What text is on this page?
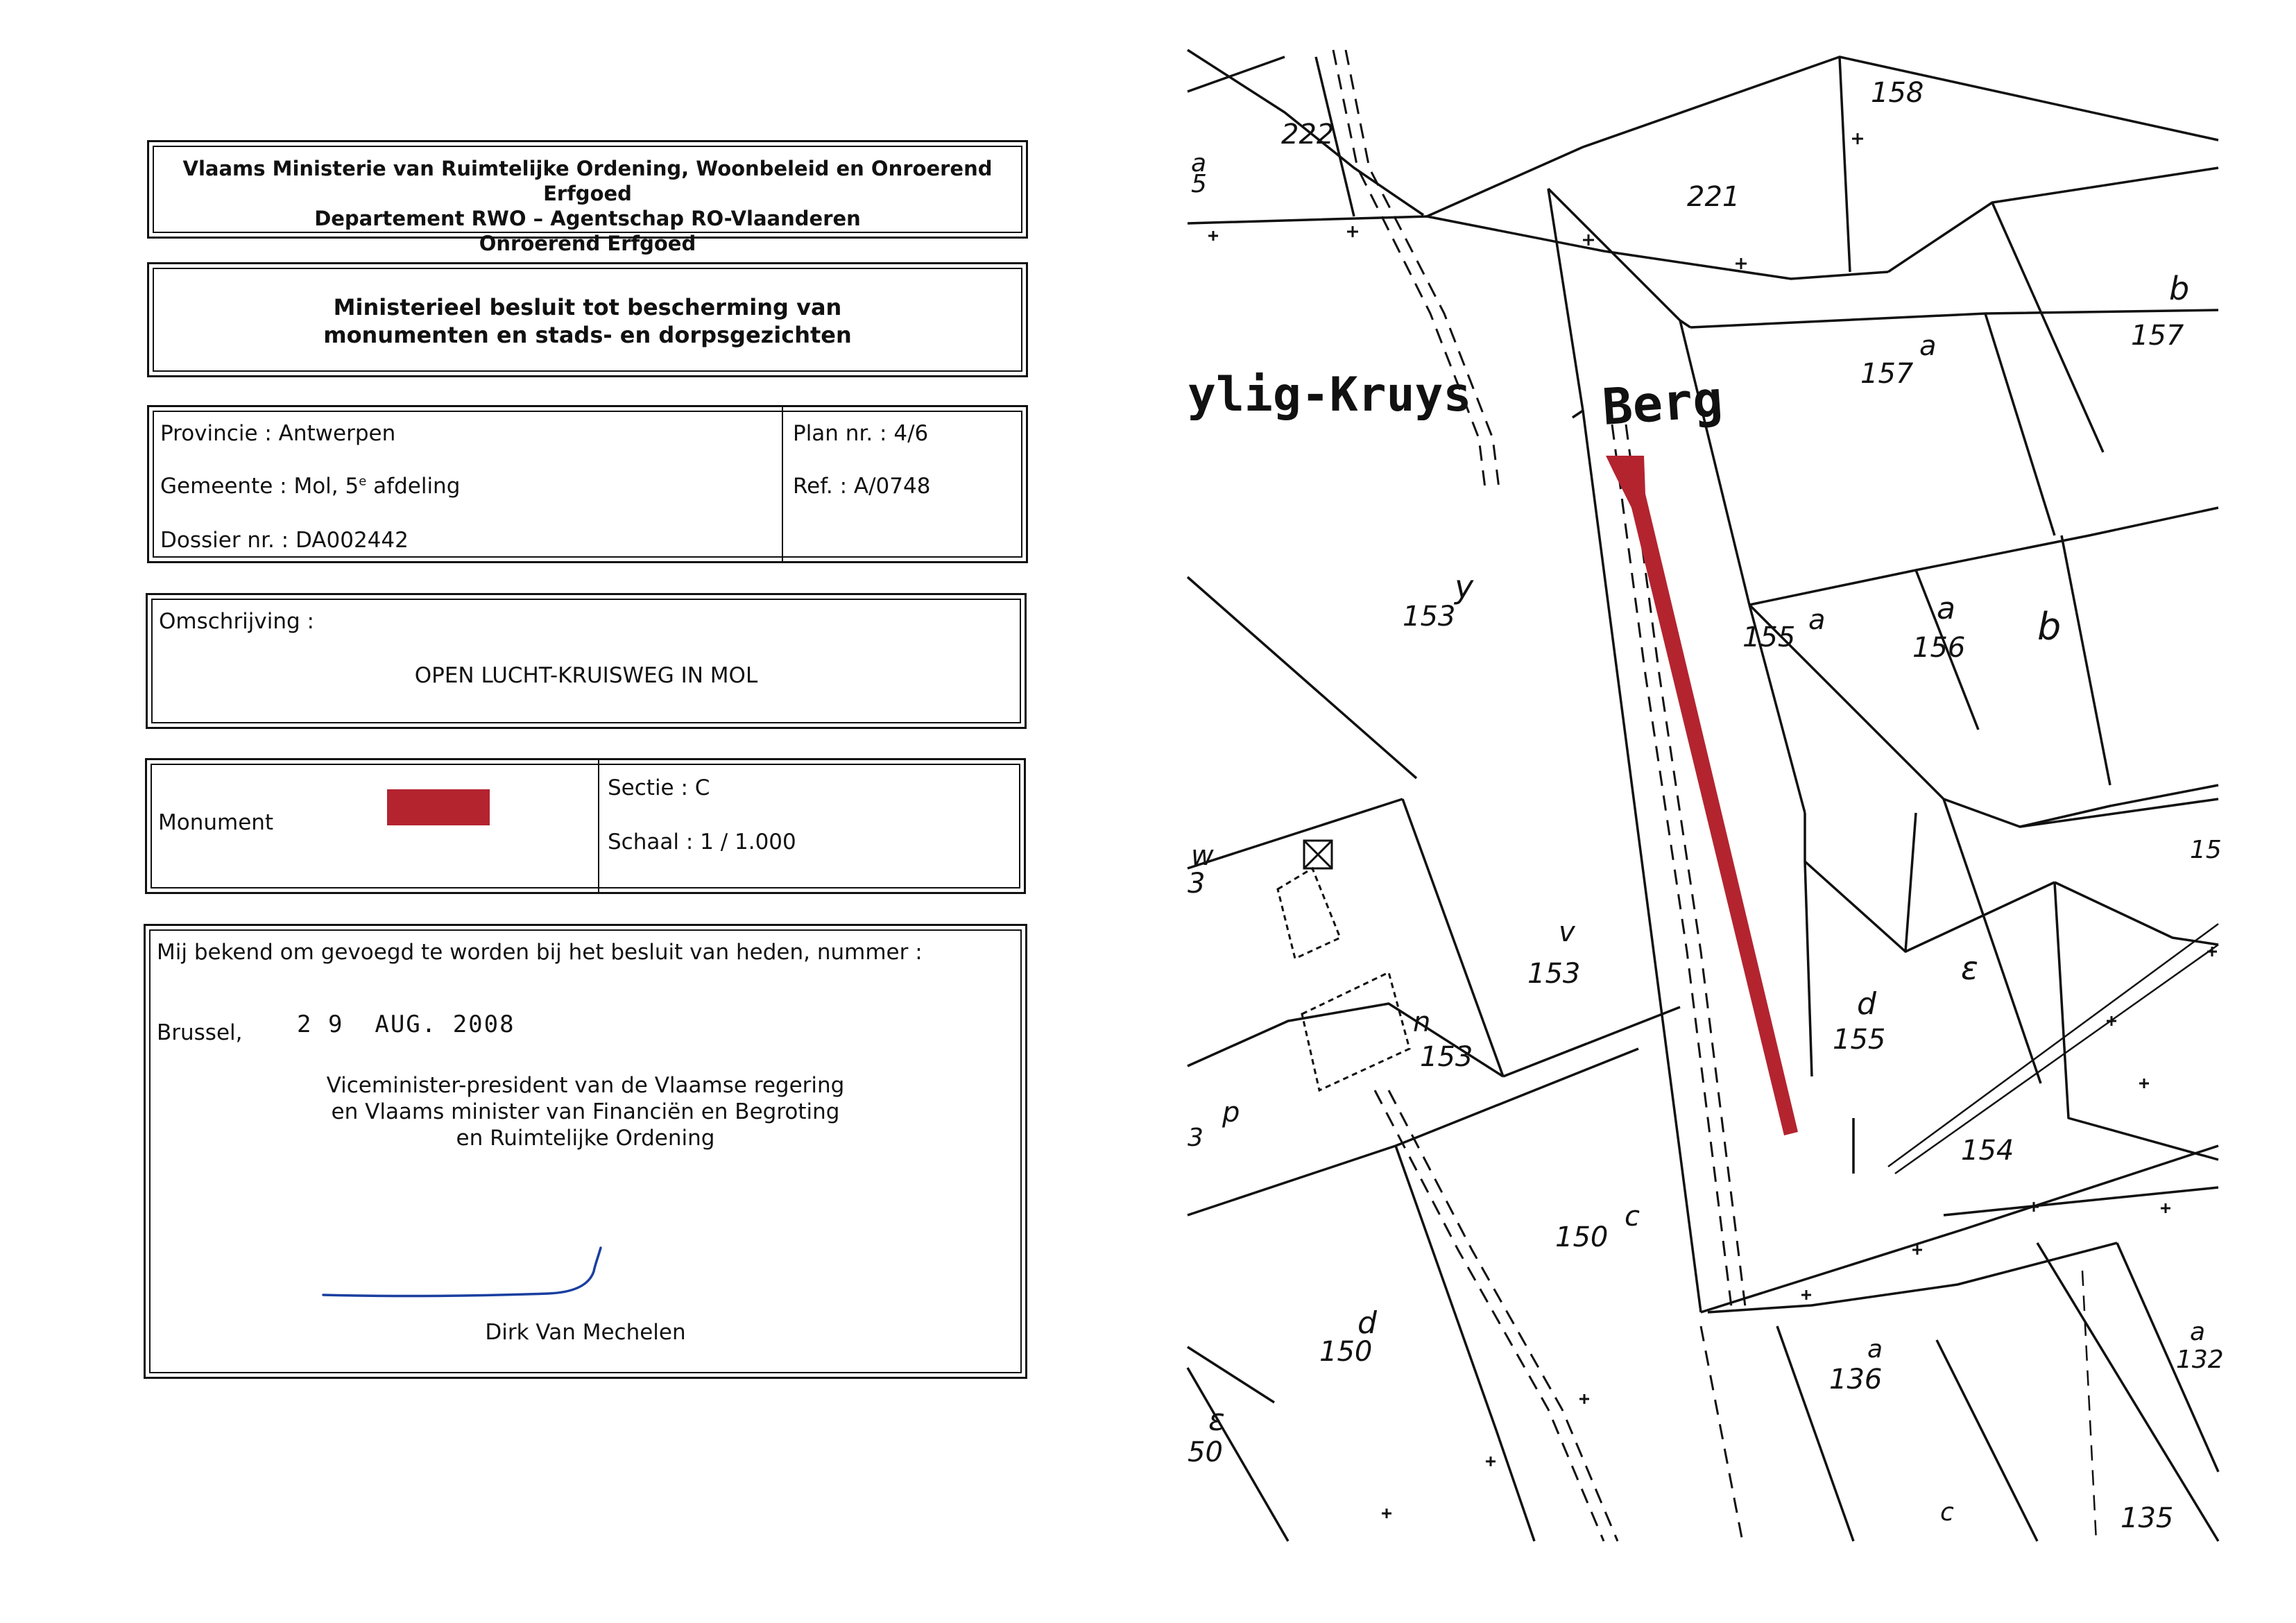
Vlaams Ministerie van Ruimtelijke Ordening, Woonbeleid en Onroerend Erfgoed
Departement RWO – Agentschap RO-Vlaanderen
Onroerend Erfgoed
Ministerieel besluit tot bescherming van
monumenten en stads- en dorpsgezichten
Provincie : Antwerpen
Gemeente : Mol, 5e afdeling
Dossier nr. : DA002442
Plan nr. : 4/6
Ref. : A/0748
Omschrijving :
OPEN LUCHT-KRUISWEG IN MOL
Monument
Sectie : C
Schaal : 1 / 1.000
Mij bekend om gevoegd te worden bij het besluit van heden, nummer :
Brussel, 2 9  AUG. 2008
Viceminister-president van de Vlaamse regering
en Vlaams minister van Financiën en Begroting
en Ruimtelijke Ordening
Dirk Van Mechelen
ylig-Kruys	Berg
222
158
221
a
5
b
157
a
157
y
153
155
a	a
156 b
w
3
v
153	ε
15
d
155
n
153
p
3	154
150
c
150
d
ε
50
136
a
a
132
c	135
